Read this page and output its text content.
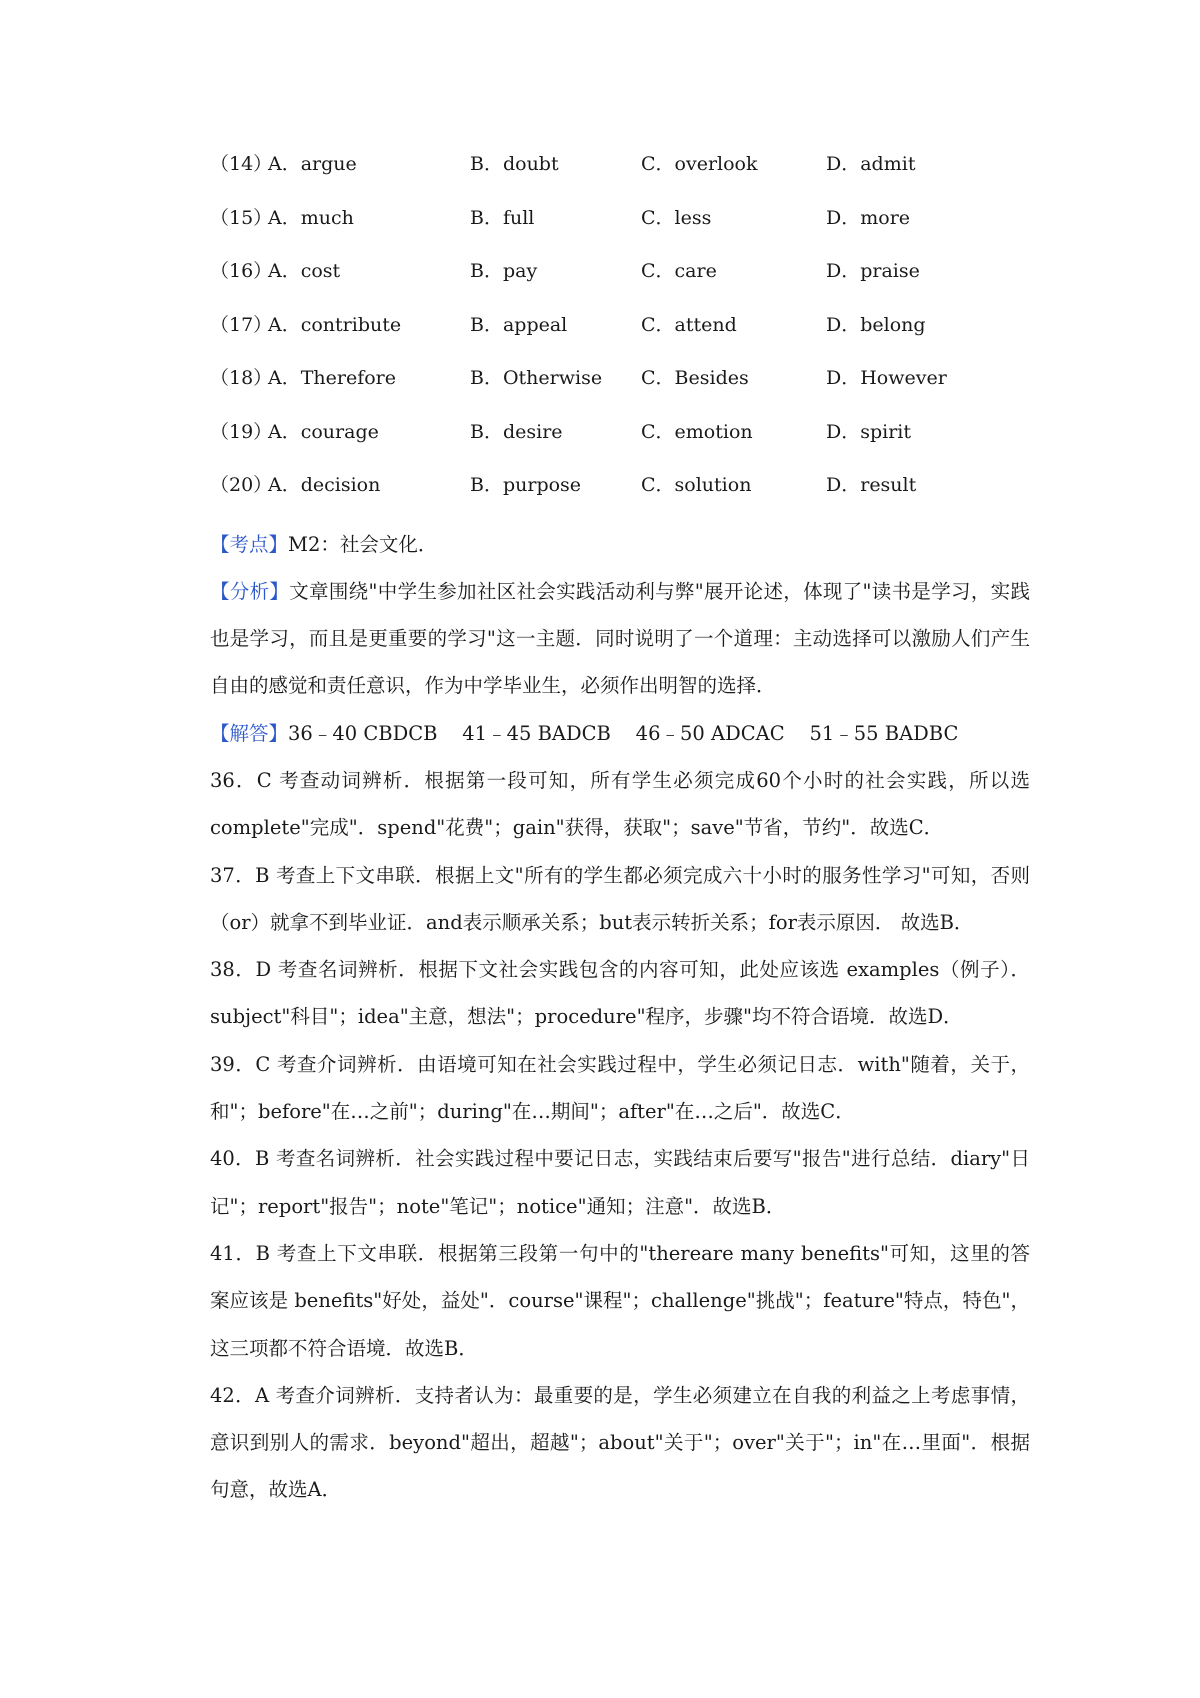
（14）
A．argue	B．doubt	C．overlook	D．admit
（15）
A．much	B．full	C．less	D．more
（16）
A．cost	B．pay	C．care	D．praise
（17）
A．contribute	B．appeal	C．attend	D．belong
（18）
A．Therefore	B．Otherwise C．Besides	D．However
（19）
A．courage	B．desire	C．emotion	D．spirit
（20）
A．decision	B．purpose	C．solution	D．result

【考点】M2：社会文化．

【分析】文章围绕"中学生参加社区社会实践活动利与弊"展开论述，体现了"读书是学习，实践也是学习，而且是更重要的学习"这一主题．同时说明了一个道理：主动选择可以激励人们产生自由的感觉和责任意识，作为中学毕业生，必须作出明智的选择．

【解答】36﹣40 CBDCB    41﹣45 BADCB    46﹣50 ADCAC    51﹣55 BADBC

36．C 考查动词辨析．根据第一段可知，所有学生必须完成60个小时的社会实践，所以选complete"完成"．spend"花费"；gain"获得，获取"；save"节省，节约"．故选C．

37．B 考查上下文串联．根据上文"所有的学生都必须完成六十小时的服务性学习"可知，否则（or）就拿不到毕业证．and表示顺承关系；but表示转折关系；for表示原因． 故选B．

38．D 考查名词辨析．根据下文社会实践包含的内容可知，此处应该选 examples（例子）．subject"科目"；idea"主意，想法"；procedure"程序，步骤"均不符合语境．故选D．

39．C 考查介词辨析．由语境可知在社会实践过程中，学生必须记日志．with"随着，关于，和"；before"在…之前"；during"在…期间"；after"在…之后"．故选C．

40．B 考查名词辨析．社会实践过程中要记日志，实践结束后要写"报告"进行总结．diary"日记"；report"报告"；note"笔记"；notice"通知；注意"．故选B．

41．B 考查上下文串联．根据第三段第一句中的"thereare many benefits"可知，这里的答案应该是 benefits"好处，益处"．course"课程"；challenge"挑战"；feature"特点，特色"，这三项都不符合语境．故选B．

42．A 考查介词辨析．支持者认为：最重要的是，学生必须建立在自我的利益之上考虑事情，意识到别人的需求．beyond"超出，超越"；about"关于"；over"关于"；in"在…里面"．根据句意，故选A．
